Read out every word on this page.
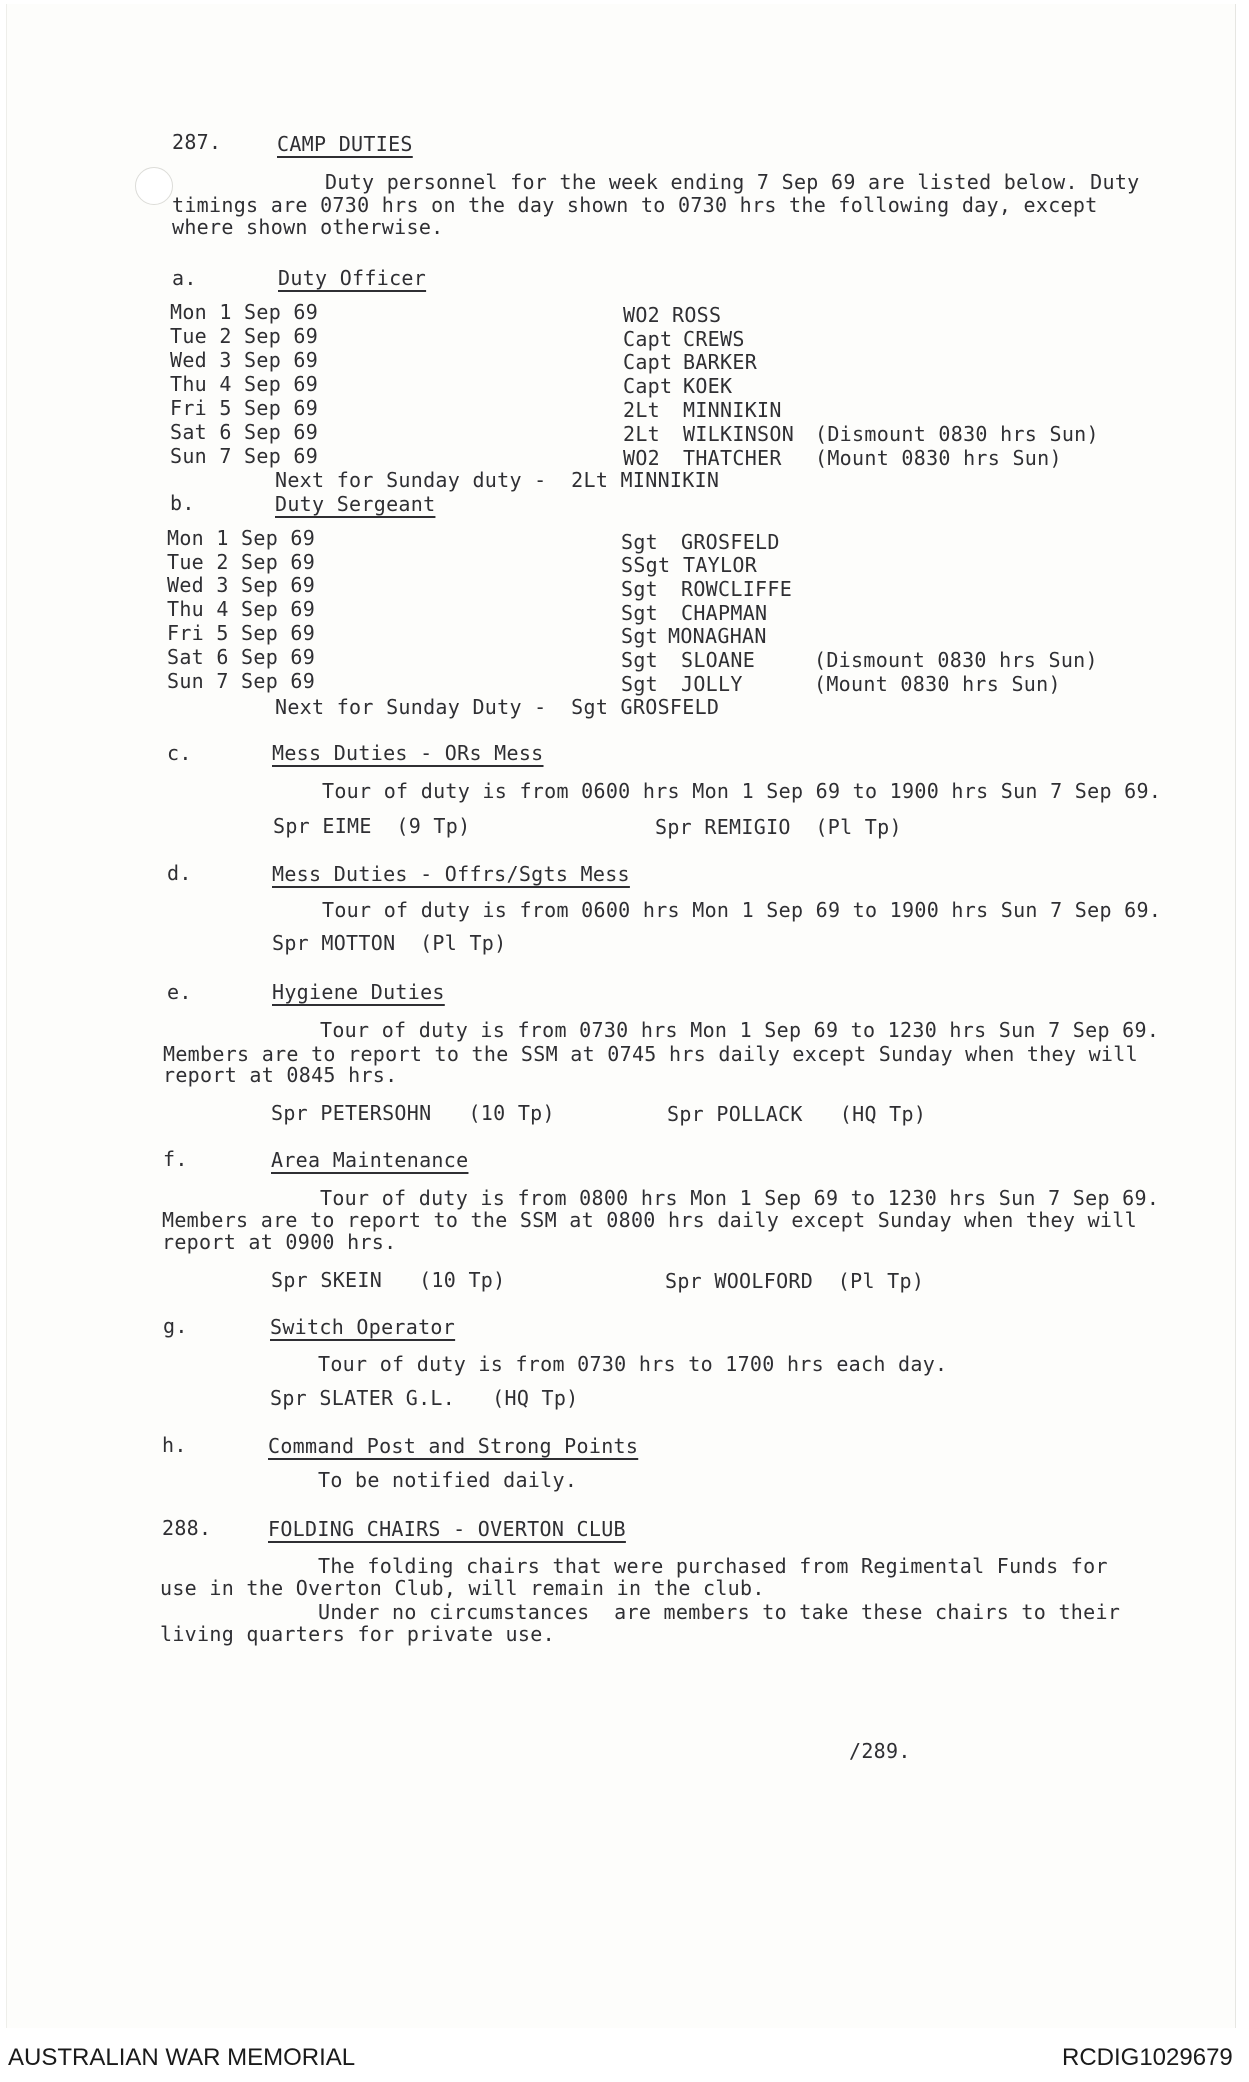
287.	CAMP DUTIES
Duty personnel for the week ending 7 Sep 69 are listed below. Duty
timings are 0730 hrs on the day shown to 0730 hrs the following day, except
where shown otherwise.
a.	Duty Officer
Mon 1 Sep 69	WO2 ROSS
Tue 2 Sep 69	Capt CREWS
Wed 3 Sep 69	Capt BARKER
Thu 4 Sep 69	Capt KOEK
Fri 5 Sep 69	2Lt MINNIKIN
Sat 6 Sep 69	2Lt WILKINSON (Dismount 0830 hrs Sun)
Sun 7 Sep 69	WO2 THATCHER (Mount 0830 hrs Sun)
Next for Sunday duty -  2Lt MINNIKIN
b.	Duty Sergeant
Mon 1 Sep 69	Sgt GROSFELD
Tue 2 Sep 69	SSgt TAYLOR
Wed 3 Sep 69	Sgt ROWCLIFFE
Thu 4 Sep 69	Sgt CHAPMAN
Fri 5 Sep 69	Sgt MONAGHAN
Sat 6 Sep 69	Sgt SLOANE	(Dismount 0830 hrs Sun)
Sun 7 Sep 69	Sgt JOLLY	(Mount 0830 hrs Sun)
Next for Sunday Duty -  Sgt GROSFELD
c.	Mess Duties - ORs Mess
Tour of duty is from 0600 hrs Mon 1 Sep 69 to 1900 hrs Sun 7 Sep 69.
Spr EIME  (9 Tp)	Spr REMIGIO  (Pl Tp)
d.	Mess Duties - Offrs/Sgts Mess
Tour of duty is from 0600 hrs Mon 1 Sep 69 to 1900 hrs Sun 7 Sep 69.
Spr MOTTON  (Pl Tp)
e.	Hygiene Duties
Tour of duty is from 0730 hrs Mon 1 Sep 69 to 1230 hrs Sun 7 Sep 69.
Members are to report to the SSM at 0745 hrs daily except Sunday when they will
report at 0845 hrs.
Spr PETERSOHN   (10 Tp)	Spr POLLACK   (HQ Tp)
f.	Area Maintenance
Tour of duty is from 0800 hrs Mon 1 Sep 69 to 1230 hrs Sun 7 Sep 69.
Members are to report to the SSM at 0800 hrs daily except Sunday when they will
report at 0900 hrs.
Spr SKEIN   (10 Tp)	Spr WOOLFORD  (Pl Tp)
g.	Switch Operator
Tour of duty is from 0730 hrs to 1700 hrs each day.
Spr SLATER G.L.   (HQ Tp)
h.	Command Post and Strong Points
To be notified daily.
288.	FOLDING CHAIRS - OVERTON CLUB
The folding chairs that were purchased from Regimental Funds for
use in the Overton Club, will remain in the club.
Under no circumstances  are members to take these chairs to their
living quarters for private use.
/289.
AUSTRALIAN WAR MEMORIAL	RCDIG1029679
